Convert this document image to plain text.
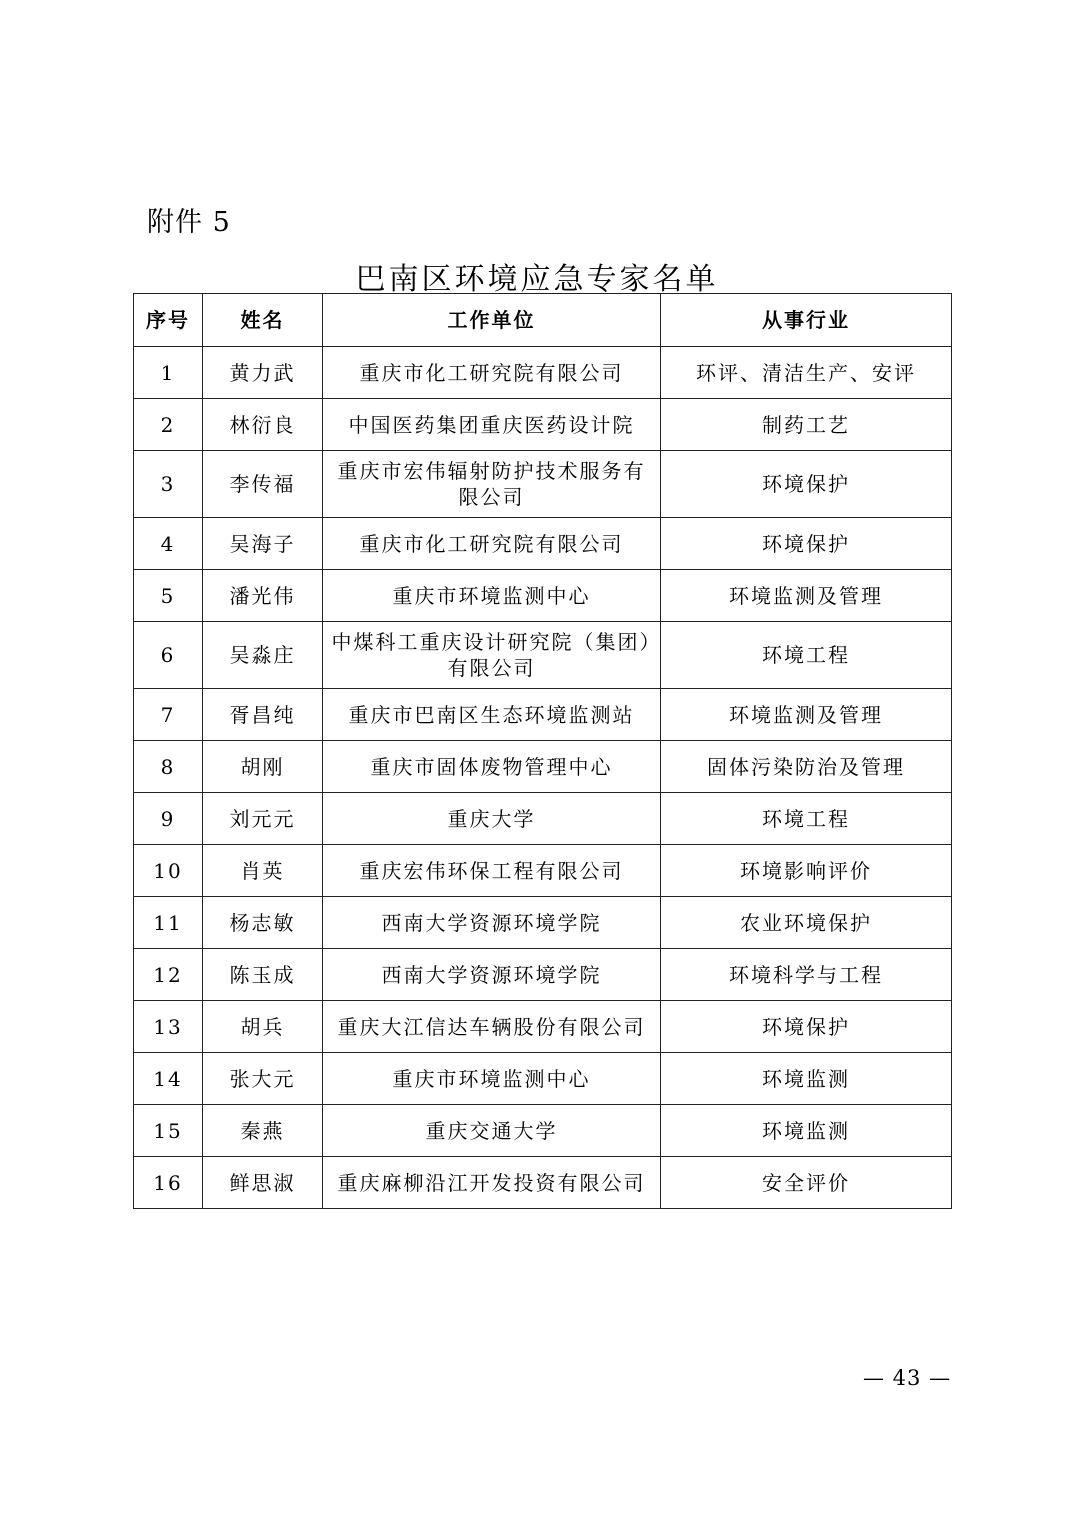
附件 5
巴南区环境应急专家名单
序号	姓名	工作单位	从事行业
1	黄力武	重庆市化工研究院有限公司	环评、清洁生产、安评
2	林衍良	中国医药集团重庆医药设计院	制药工艺
3	李传福	重庆市宏伟辐射防护技术服务有限公司	环境保护
4	吴海子	重庆市化工研究院有限公司	环境保护
5	潘光伟	重庆市环境监测中心	环境监测及管理
6	吴淼庄	中煤科工重庆设计研究院（集团）有限公司	环境工程
7	胥昌纯	重庆市巴南区生态环境监测站	环境监测及管理
8	胡刚	重庆市固体废物管理中心	固体污染防治及管理
9	刘元元	重庆大学	环境工程
10	肖英	重庆宏伟环保工程有限公司	环境影响评价
11	杨志敏	西南大学资源环境学院	农业环境保护
12	陈玉成	西南大学资源环境学院	环境科学与工程
13	胡兵	重庆大江信达车辆股份有限公司	环境保护
14	张大元	重庆市环境监测中心	环境监测
15	秦燕	重庆交通大学	环境监测
16	鲜思淑	重庆麻柳沿江开发投资有限公司	安全评价
— 43 —
